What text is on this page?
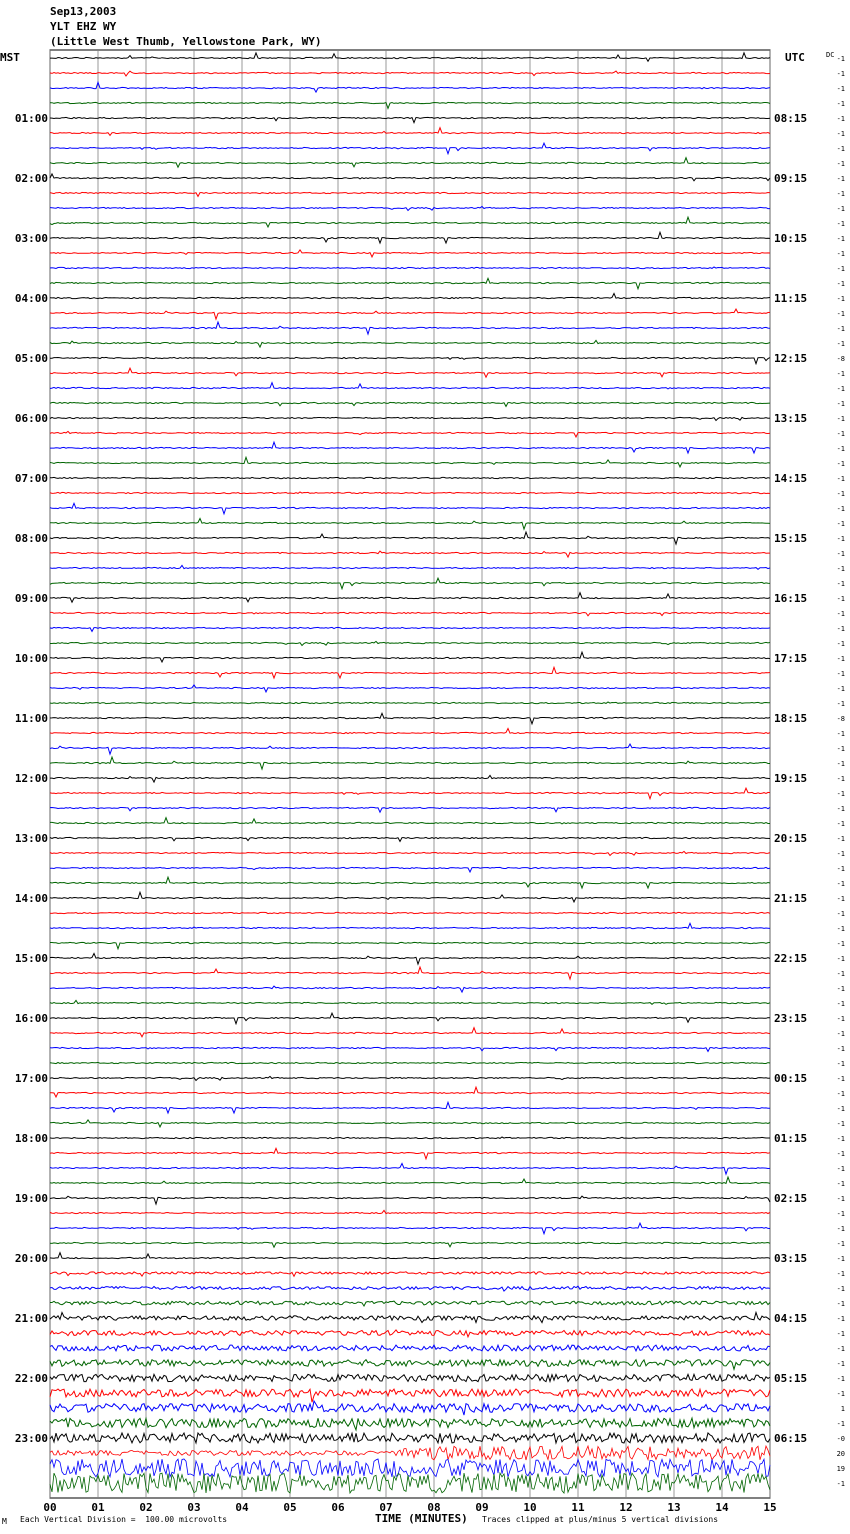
Sep13,2003
YLT EHZ WY
(Little West Thumb, Yellowstone Park, WY)
00	01	02	03	04	05	06	07	08	09	10	11	12	13	14	15
01:00
02:00
03:00
04:00
05:00
06:00
07:00
08:00
09:00
10:00
11:00
12:00
13:00
14:00
15:00
16:00
17:00
18:00
19:00
20:00
21:00
22:00
23:00
08:15
09:15
10:15
11:15
12:15
13:15
14:15
15:15
16:15
17:15
18:15
19:15
20:15
21:15
22:15
23:15
00:15
01:15
02:15
03:15
04:15
05:15
06:15
-1
-1
-1
-1
-1
-1
-1
-1
-1
-1
-1
-1
-1
-1
-1
-1
-1
-1
-1
-1
-8
-1
-1
-1
-1
-1
-1
-1
-1
-1
-1
-1
-1
-1
-1
-1
-1
-1
-1
-1
-1
-1
-1
-1
-8
-1
-1
-1
-1
-1
-1
-1
-1
-1
-1
-1
-1
-1
-1
-1
-1
-1
-1
-1
-1
-1
-1
-1
-1
-1
-1
-1
-1
-1
-1
-1
-1
-1
-1
-1
-1
-1
-1
-1
-1
-1
-1
-1
-1
-1
1
-1
-0
20
19
-1
MST	UTC	DC
M Each Vertical Division =  100.00 microvolts	TIME (MINUTES) Traces clipped at plus/minus 5 vertical divisions
